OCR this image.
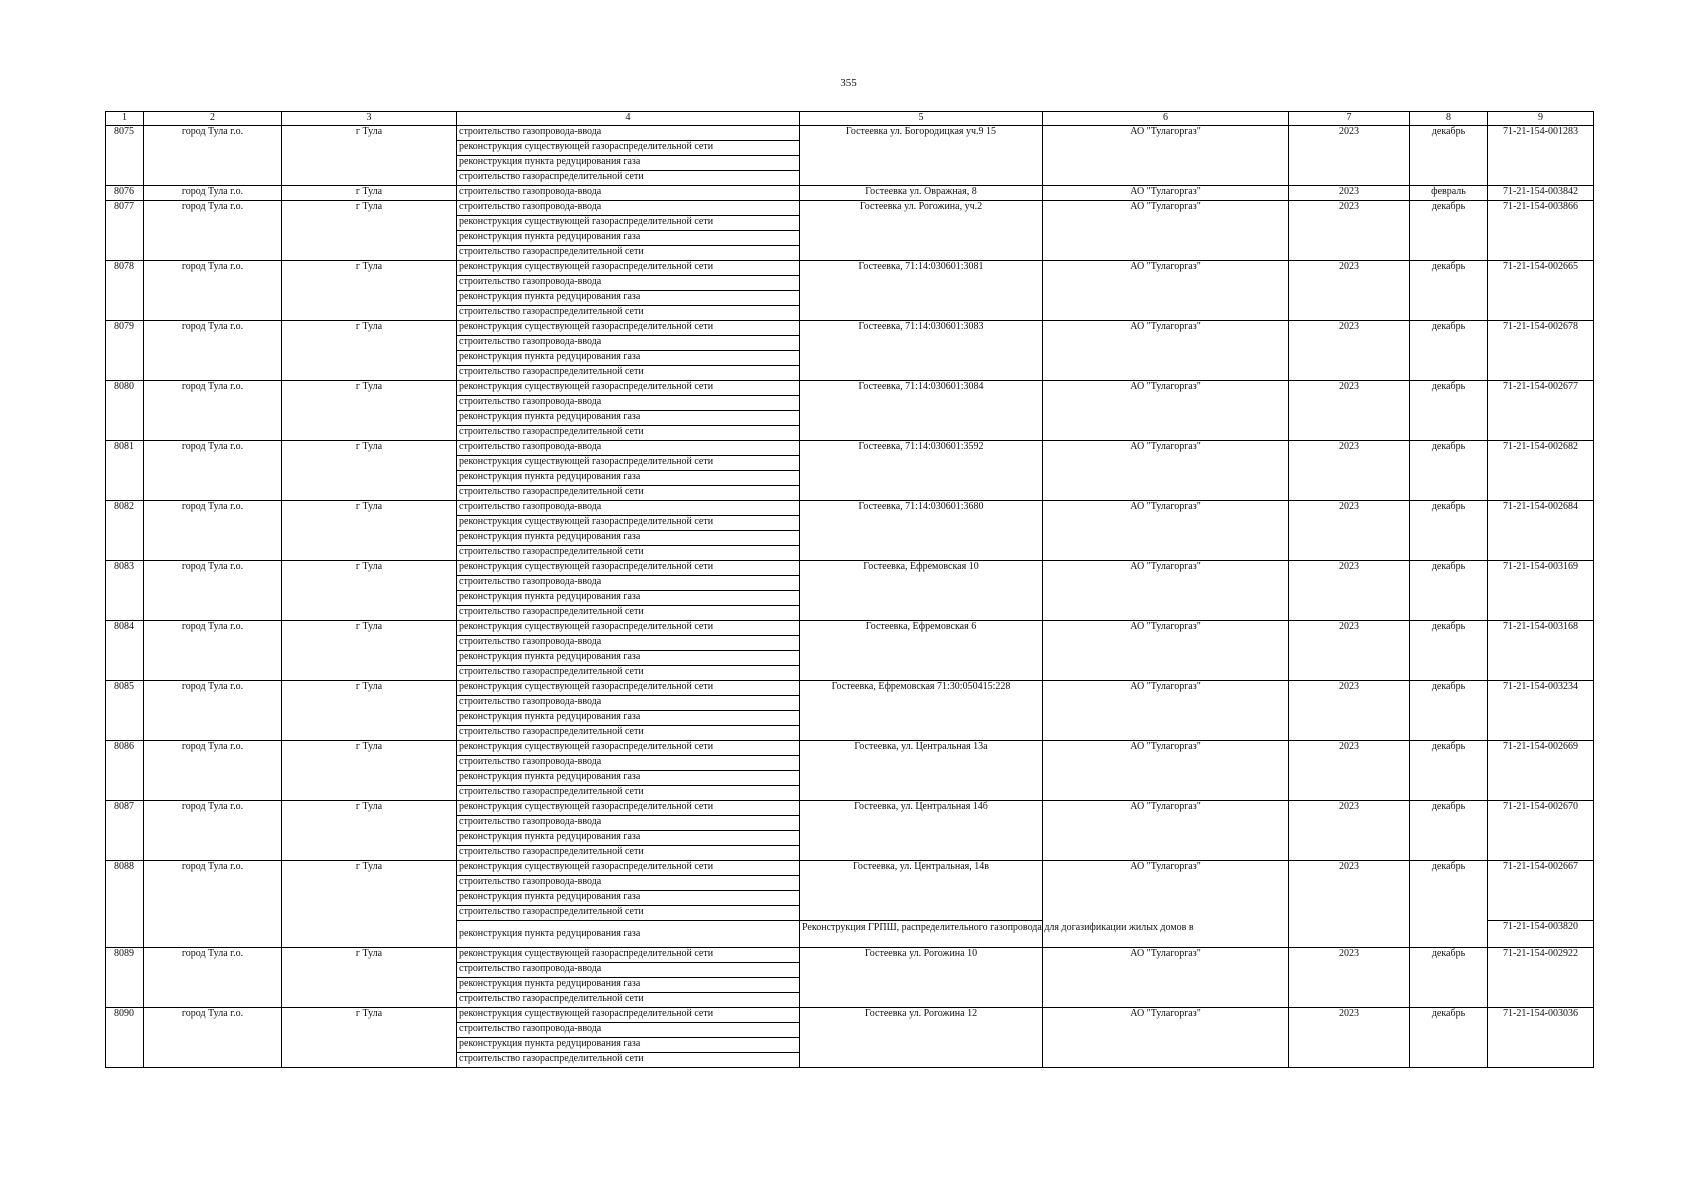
355
1	2	3	4	5	6	7	8	9
8075	город Тула г.о.	г Тула	строительство газопровода-ввода	Гостеевка ул. Богородицкая уч.9 15	АО "Тулагоргаз"	2023	декабрь	71-21-154-001283
			реконструкция существующей газораспределительной сети					
			реконструкция пункта редуцирования газа					
			строительство газораспределительной сети					
8076	город Тула г.о.	г Тула	строительство газопровода-ввода	Гостеевка ул. Овражная, 8	АО "Тулагоргаз"	2023	февраль	71-21-154-003842
8077	город Тула г.о.	г Тула	строительство газопровода-ввода	Гостеевка ул. Рогожина, уч.2	АО "Тулагоргаз"	2023	декабрь	71-21-154-003866
			реконструкция существующей газораспределительной сети					
			реконструкция пункта редуцирования газа					
			строительство газораспределительной сети					
8078	город Тула г.о.	г Тула	реконструкция существующей газораспределительной сети	Гостеевка, 71:14:030601:3081	АО "Тулагоргаз"	2023	декабрь	71-21-154-002665
			строительство газопровода-ввода					
			реконструкция пункта редуцирования газа					
			строительство газораспределительной сети					
8079	город Тула г.о.	г Тула	реконструкция существующей газораспределительной сети	Гостеевка, 71:14:030601:3083	АО "Тулагоргаз"	2023	декабрь	71-21-154-002678
			строительство газопровода-ввода					
			реконструкция пункта редуцирования газа					
			строительство газораспределительной сети					
8080	город Тула г.о.	г Тула	реконструкция существующей газораспределительной сети	Гостеевка, 71:14:030601:3084	АО "Тулагоргаз"	2023	декабрь	71-21-154-002677
			строительство газопровода-ввода					
			реконструкция пункта редуцирования газа					
			строительство газораспределительной сети					
8081	город Тула г.о.	г Тула	строительство газопровода-ввода	Гостеевка, 71:14:030601:3592	АО "Тулагоргаз"	2023	декабрь	71-21-154-002682
			реконструкция существующей газораспределительной сети					
			реконструкция пункта редуцирования газа					
			строительство газораспределительной сети					
8082	город Тула г.о.	г Тула	строительство газопровода-ввода	Гостеевка, 71:14:030601:3680	АО "Тулагоргаз"	2023	декабрь	71-21-154-002684
			реконструкция существующей газораспределительной сети					
			реконструкция пункта редуцирования газа					
			строительство газораспределительной сети					
8083	город Тула г.о.	г Тула	реконструкция существующей газораспределительной сети	Гостеевка, Ефремовская 10	АО "Тулагоргаз"	2023	декабрь	71-21-154-003169
			строительство газопровода-ввода					
			реконструкция пункта редуцирования газа					
			строительство газораспределительной сети					
8084	город Тула г.о.	г Тула	реконструкция существующей газораспределительной сети	Гостеевка, Ефремовская 6	АО "Тулагоргаз"	2023	декабрь	71-21-154-003168
			строительство газопровода-ввода					
			реконструкция пункта редуцирования газа					
			строительство газораспределительной сети					
8085	город Тула г.о.	г Тула	реконструкция существующей газораспределительной сети	Гостеевка, Ефремовская 71:30:050415:228	АО "Тулагоргаз"	2023	декабрь	71-21-154-003234
			строительство газопровода-ввода					
			реконструкция пункта редуцирования газа					
			строительство газораспределительной сети					
8086	город Тула г.о.	г Тула	реконструкция существующей газораспределительной сети	Гостеевка, ул. Центральная 13а	АО "Тулагоргаз"	2023	декабрь	71-21-154-002669
			строительство газопровода-ввода					
			реконструкция пункта редуцирования газа					
			строительство газораспределительной сети					
8087	город Тула г.о.	г Тула	реконструкция существующей газораспределительной сети	Гостеевка, ул. Центральная 14б	АО "Тулагоргаз"	2023	декабрь	71-21-154-002670
			строительство газопровода-ввода					
			реконструкция пункта редуцирования газа					
			строительство газораспределительной сети					
8088	город Тула г.о.	г Тула	реконструкция существующей газораспределительной сети	Гостеевка, ул. Центральная, 14в	АО "Тулагоргаз"	2023	декабрь	71-21-154-002667
			строительство газопровода-ввода					
			реконструкция пункта редуцирования газа					
			строительство газораспределительной сети					
			реконструкция пункта редуцирования газа	Реконструкция ГРПШ, распределительного газопровода для догазификации жилых домов в				71-21-154-003820
8089	город Тула г.о.	г Тула	реконструкция существующей газораспределительной сети	Гостеевка ул. Рогожина 10	АО "Тулагоргаз"	2023	декабрь	71-21-154-002922
			строительство газопровода-ввода					
			реконструкция пункта редуцирования газа					
			строительство газораспределительной сети					
8090	город Тула г.о.	г Тула	реконструкция существующей газораспределительной сети	Гостеевка ул. Рогожина 12	АО "Тулагоргаз"	2023	декабрь	71-21-154-003036
			строительство газопровода-ввода					
			реконструкция пункта редуцирования газа					
			строительство газораспределительной сети					
